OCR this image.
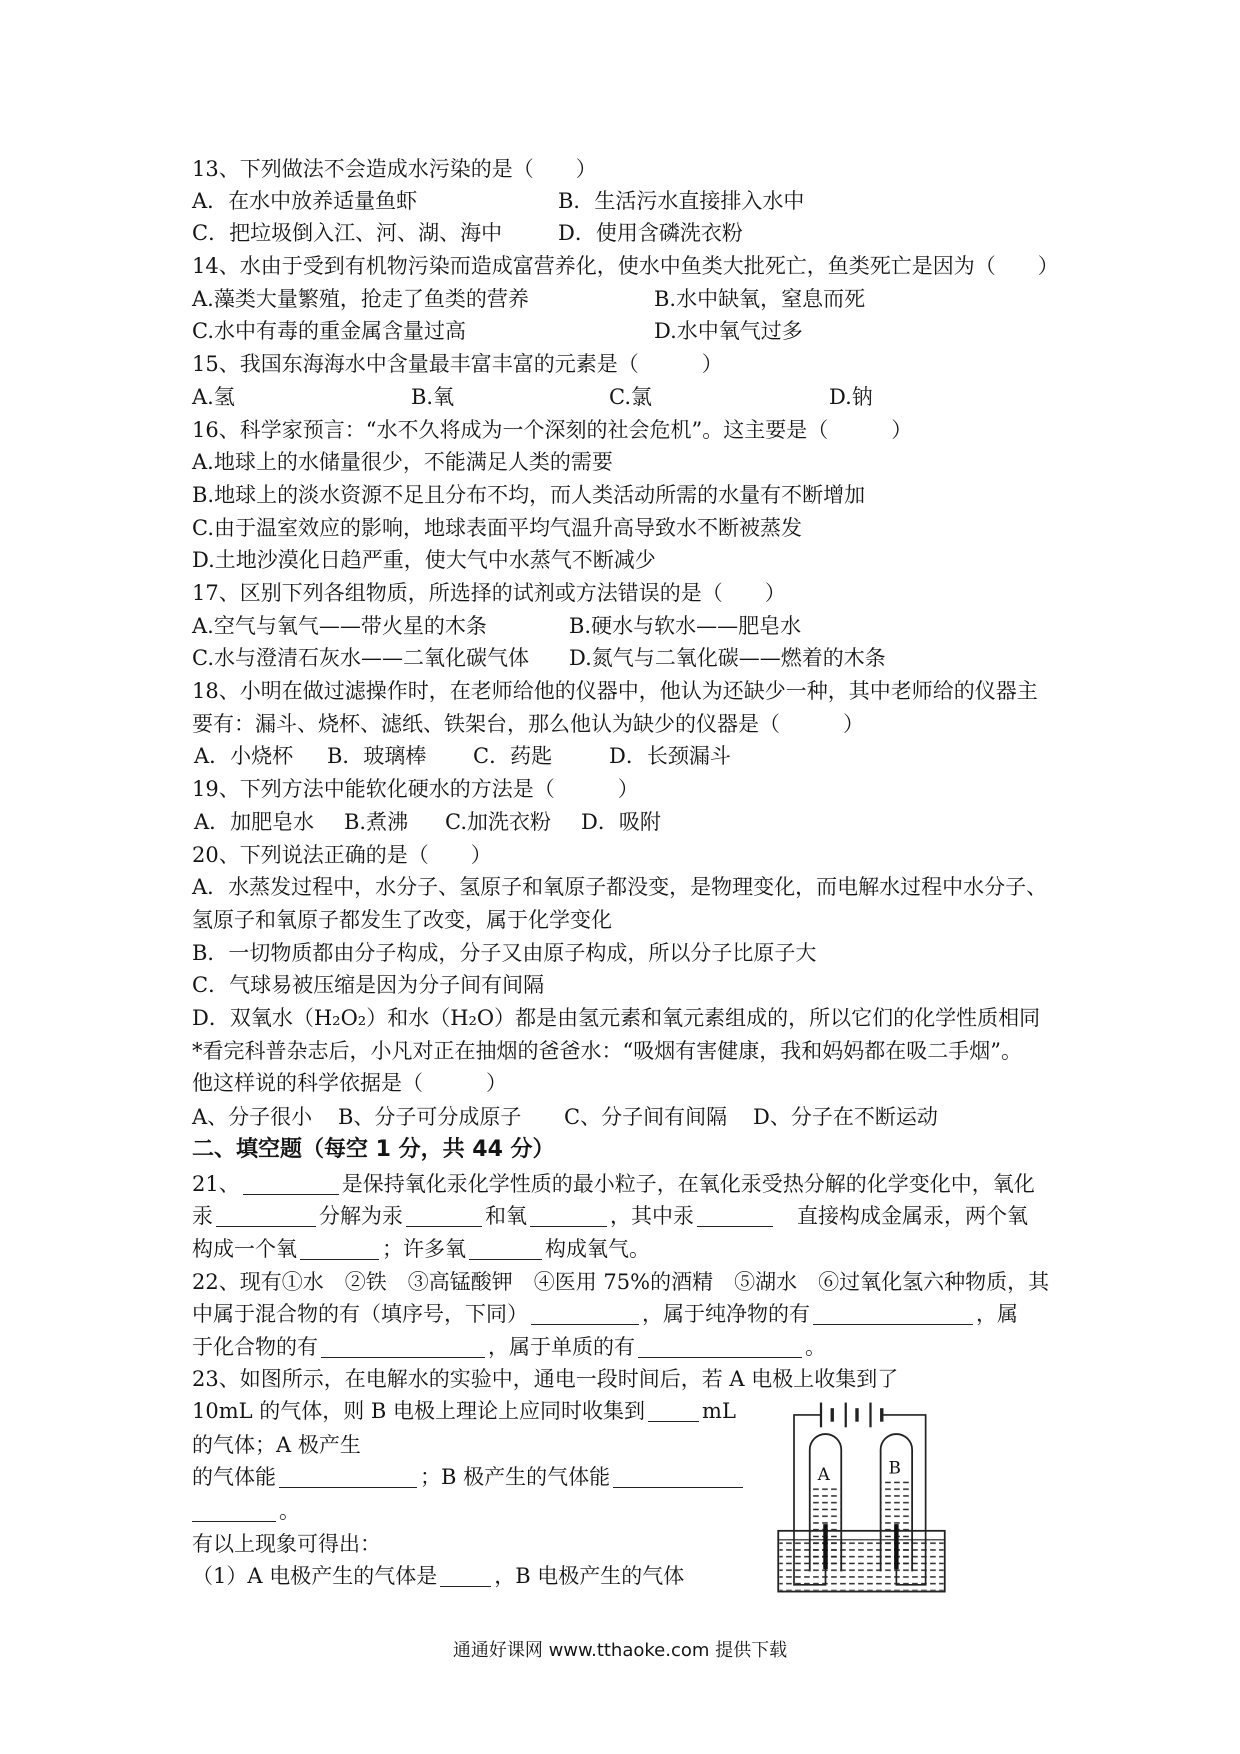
13、下列做法不会造成水污染的是（　　）
A．在水中放养适量鱼虾	B．生活污水直接排入水中
C．把垃圾倒入江、河、湖、海中	D．使用含磷洗衣粉
14、水由于受到有机物污染而造成富营养化，使水中鱼类大批死亡，鱼类死亡是因为（　　）
A.藻类大量繁殖，抢走了鱼类的营养	B.水中缺氧，窒息而死
C.水中有毒的重金属含量过高	D.水中氧气过多
15、我国东海海水中含量最丰富丰富的元素是（　　　）
A.氢	B.氧	C.氯	D.钠
16、科学家预言：“水不久将成为一个深刻的社会危机”。这主要是（　　　）
A.地球上的水储量很少，不能满足人类的需要
B.地球上的淡水资源不足且分布不均，而人类活动所需的水量有不断增加
C.由于温室效应的影响，地球表面平均气温升高导致水不断被蒸发
D.土地沙漠化日趋严重，使大气中水蒸气不断减少
17、区别下列各组物质，所选择的试剂或方法错误的是（　　）
A.空气与氧气——带火星的木条	B.硬水与软水——肥皂水
C.水与澄清石灰水——二氧化碳气体 D.氮气与二氧化碳——燃着的木条
18、小明在做过滤操作时，在老师给他的仪器中，他认为还缺少一种，其中老师给的仪器主
要有：漏斗、烧杯、滤纸、铁架台，那么他认为缺少的仪器是（　　　）
A．小烧杯 B．玻璃棒 C．药匙	D．长颈漏斗
19、下列方法中能软化硬水的方法是（　　　）
A．加肥皂水 B.煮沸 C.加洗衣粉 D．吸附
20、下列说法正确的是（　　）
A．水蒸发过程中，水分子、氢原子和氧原子都没变，是物理变化，而电解水过程中水分子、
氢原子和氧原子都发生了改变，属于化学变化
B．一切物质都由分子构成，分子又由原子构成，所以分子比原子大
C．气球易被压缩是因为分子间有间隔
D．双氧水（H₂O₂）和水（H₂O）都是由氢元素和氧元素组成的，所以它们的化学性质相同
*看完科普杂志后，小凡对正在抽烟的爸爸水：“吸烟有害健康，我和妈妈都在吸二手烟”。
他这样说的科学依据是（　　　）
A、分子很小 B、分子可分成原子 C、分子间有间隔 D、分子在不断运动
二、填空题（每空 1 分，共 44 分）
21、	是保持氧化汞化学性质的最小粒子，在氧化汞受热分解的化学变化中，氧化
汞	分解为汞	和氧	，其中汞	　直接构成金属汞，两个氧
构成一个氧	；许多氧	构成氧气。
22、现有①水　②铁　③高锰酸钾　④医用 75%的酒精　⑤湖水　⑥过氧化氢六种物质，其
中属于混合物的有（填序号，下同）	，属于纯净物的有	，属
于化合物的有	，属于单质的有	。
23、如图所示，在电解水的实验中，通电一段时间后，若 A 电极上收集到了
10mL 的气体，则 B 电极上理论上应同时收集到	mL
的气体；A 极产生
的气体能	；B 极产生的气体能
。
有以上现象可得出：
（1）A 电极产生的气体是	，B 电极产生的气体
A	B
通通好课网 www.tthaoke.com 提供下载
